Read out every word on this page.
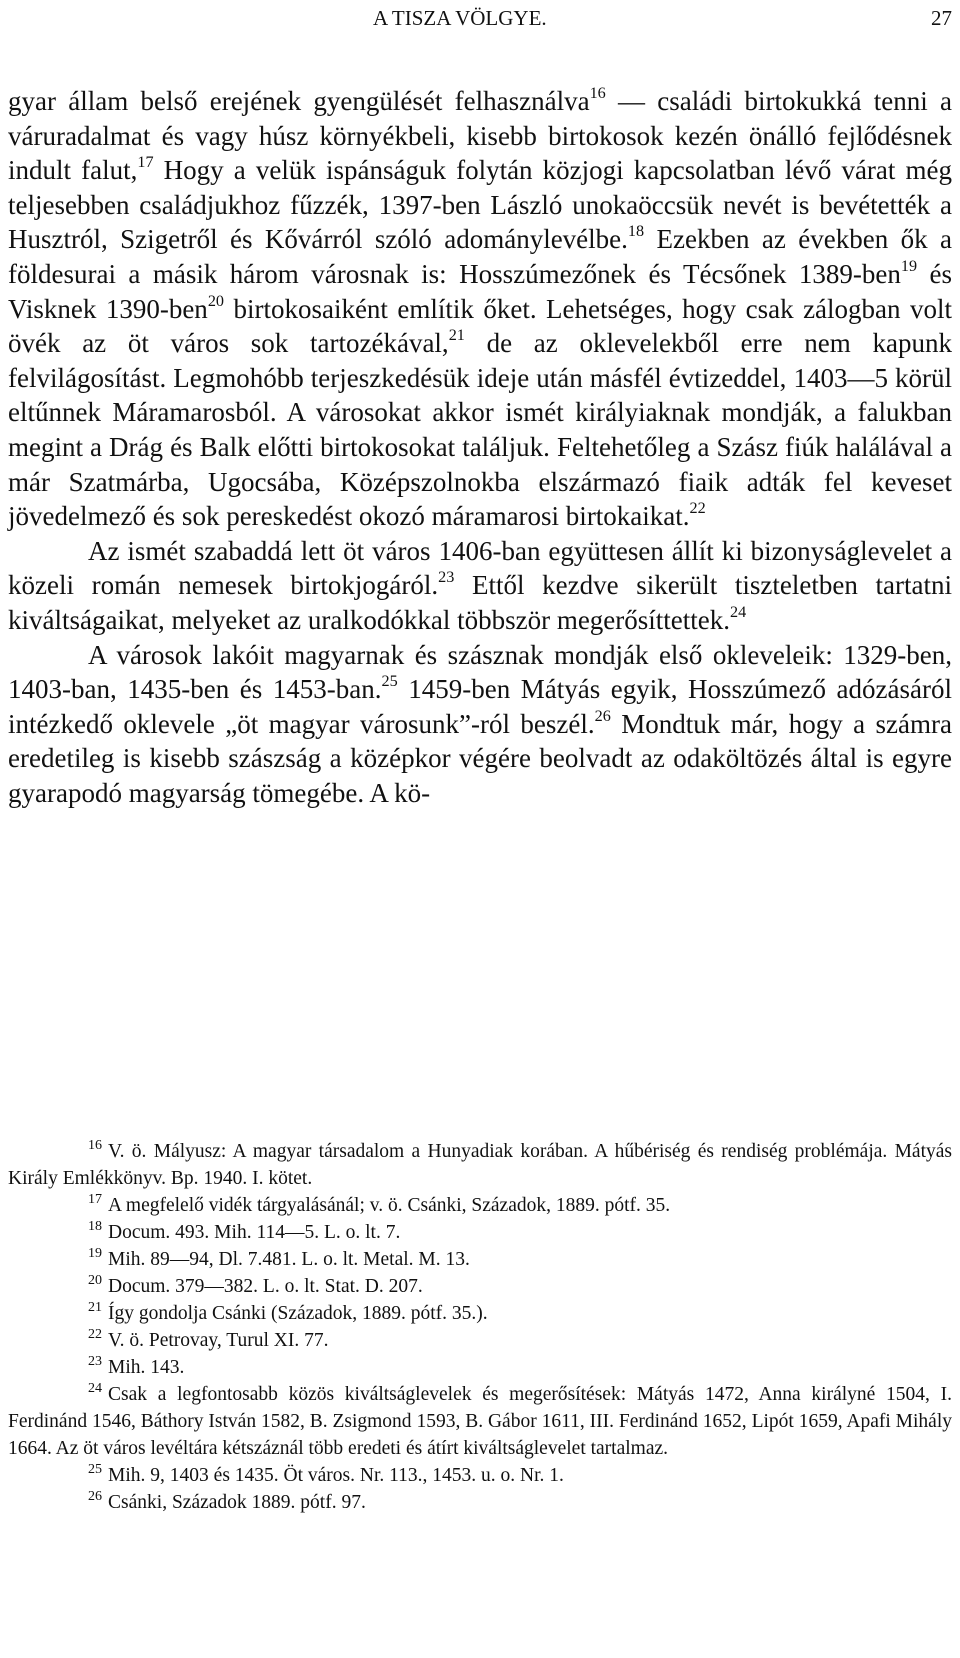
A TISZA VÖLGYE.	27

gyar állam belső erejének gyengülését felhasználva$^{16}$ — családi birtokukká tenni a váruradalmat és vagy húsz környékbeli, kisebb birtokosok kezén önálló fejlődésnek indult falut,$^{17}$ Hogy a velük ispánságuk folytán közjogi kapcsolatban lévő várat még teljesebben családjukhoz fűzzék, 1397-ben László unokaöccsük nevét is bevétették a Husztról, Szigetről és Kővárról szóló adománylevélbe.$^{18}$ Ezekben az években ők a földesurai a másik három városnak is: Hosszúmezőnek és Técsőnek 1389-ben$^{19}$ és Visknek 1390-ben$^{20}$ birtokosaiként említik őket. Lehetséges, hogy csak zálogban volt övék az öt város sok tartozékával,$^{21}$ de az oklevelekből erre nem kapunk felvilágosítást. Legmohóbb terjeszkedésük ideje után másfél évtizeddel, 1403—5 körül eltűnnek Máramarosból. A városokat akkor ismét királyiaknak mondják, a falukban megint a Drág és Balk előtti birtokosokat találjuk. Feltehetőleg a Szász fiúk halálával a már Szatmárba, Ugocsába, Középszolnokba elszármazó fiaik adták fel keveset jövedelmező és sok pereskedést okozó máramarosi birtokaikat.$^{22}$

Az ismét szabaddá lett öt város 1406-ban együttesen állít ki bizonyságlevelet a közeli román nemesek birtokjogáról.$^{23}$ Ettől kezdve sikerült tiszteletben tartatni kiváltságaikat, melyeket az uralkodókkal többször megerősíttettek.$^{24}$

A városok lakóit magyarnak és szásznak mondják első okleveleik: 1329-ben, 1403-ban, 1435-ben és 1453-ban.$^{25}$ 1459-ben Mátyás egyik, Hosszúmező adózásáról intézkedő oklevele „öt magyar városunk”-ról beszél.$^{26}$ Mondtuk már, hogy a számra eredetileg is kisebb szászság a középkor végére beolvadt az odaköltözés által is egyre gyarapodó magyarság tömegébe. A kö-

$^{16}$ V. ö. Mályusz: A magyar társadalom a Hunyadiak korában. A hűbériség és rendiség problémája. Mátyás Király Emlékkönyv. Bp. 1940. I. kötet.

$^{17}$ A megfelelő vidék tárgyalásánál; v. ö. Csánki, Századok, 1889. pótf. 35.

$^{18}$ Docum. 493. Mih. 114—5. L. o. lt. 7.

$^{19}$ Mih. 89—94, Dl. 7.481. L. o. lt. Metal. M. 13.

$^{20}$ Docum. 379—382. L. o. lt. Stat. D. 207.

$^{21}$ Így gondolja Csánki (Századok, 1889. pótf. 35.).

$^{22}$ V. ö. Petrovay, Turul XI. 77.

$^{23}$ Mih. 143.

$^{24}$ Csak a legfontosabb közös kiváltságlevelek és megerősítések: Mátyás 1472, Anna királyné 1504, I. Ferdinánd 1546, Báthory István 1582, B. Zsigmond 1593, B. Gábor 1611, III. Ferdinánd 1652, Lipót 1659, Apafi Mihály 1664. Az öt város levéltára kétszáznál több eredeti és átírt kiváltságlevelet tartalmaz.

$^{25}$ Mih. 9, 1403 és 1435. Öt város. Nr. 113., 1453. u. o. Nr. 1.

$^{26}$ Csánki, Századok 1889. pótf. 97.
